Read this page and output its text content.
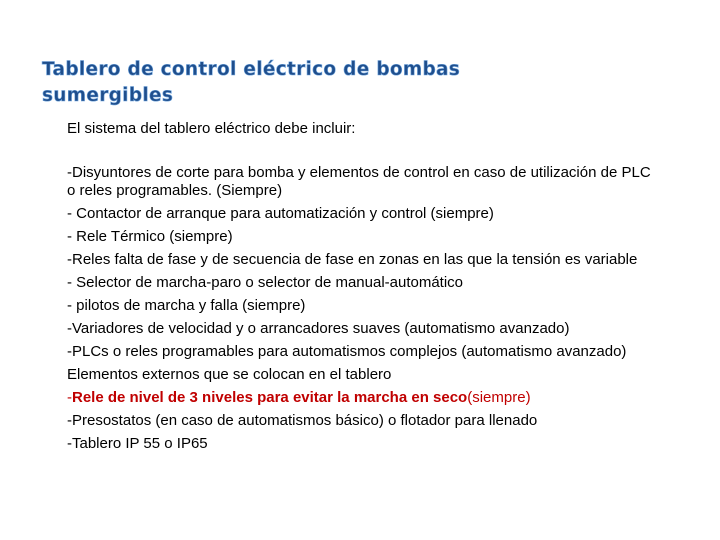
Tablero de control eléctrico de bombas sumergibles
El sistema del tablero eléctrico debe incluir:
-Disyuntores de corte para bomba y elementos de control en caso de utilización de PLC o reles programables. (Siempre)
- Contactor de arranque para automatización y control (siempre)
- Rele Térmico (siempre)
-Reles falta de fase y de secuencia de fase en zonas en las que la tensión es variable
- Selector de marcha-paro o selector de manual-automático
- pilotos de marcha y falla (siempre)
-Variadores de velocidad y o arrancadores suaves (automatismo avanzado)
-PLCs o reles programables para automatismos complejos (automatismo avanzado)
Elementos externos que se colocan en el tablero
-Rele de nivel de 3 niveles para evitar la marcha en seco(siempre)
-Presostatos (en caso de automatismos básico) o flotador para llenado
-Tablero IP 55 o IP65
